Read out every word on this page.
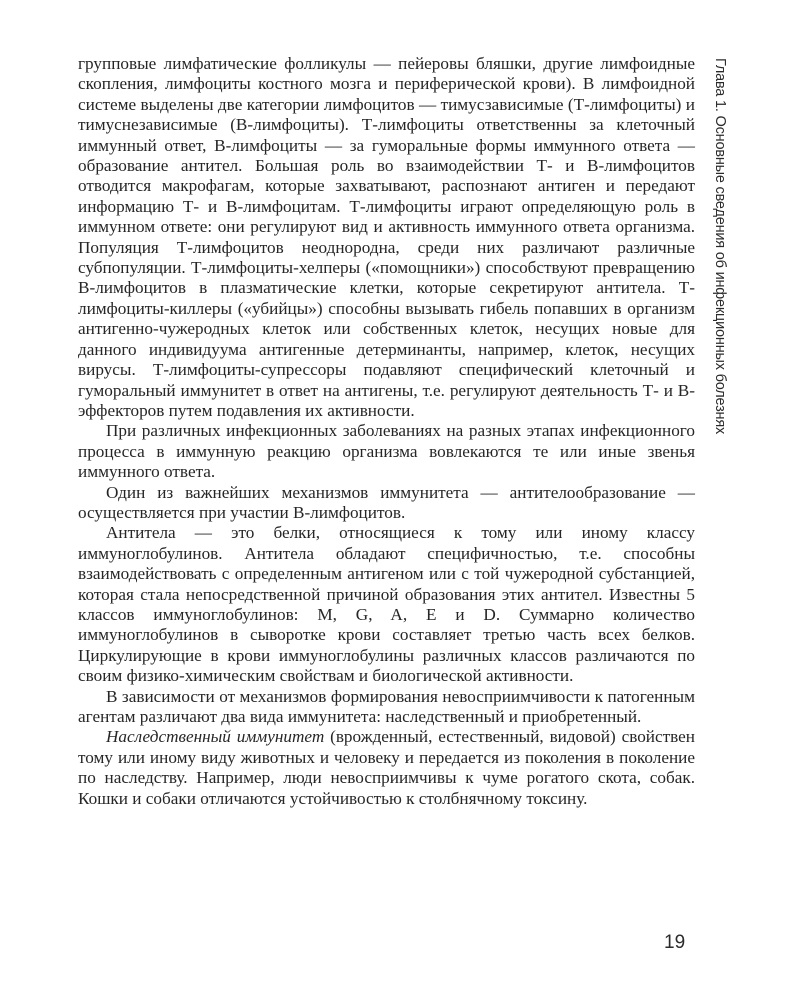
Глава 1. Основные сведения об инфекционных болезнях

групповые лимфатические фолликулы — пейеровы бляшки, другие лимфоидные скопления, лимфоциты костного мозга и периферической крови). В лимфоидной системе выделены две категории лимфоцитов — тимусзависимые (Т-лимфоциты) и тимуснезависимые (В-лимфоциты). Т-лимфоциты ответственны за клеточный иммунный ответ, В-лимфоциты — за гуморальные формы иммунного ответа — образование антител. Большая роль во взаимодействии Т- и В-лимфоцитов отводится макрофагам, которые захватывают, распознают антиген и передают информацию Т- и В-лимфоцитам. Т-лимфоциты играют определяющую роль в иммунном ответе: они регулируют вид и активность иммунного ответа организма. Популяция Т-лимфоцитов неоднородна, среди них различают различные субпопуляции. Т-лимфоциты-хелперы («помощники») способствуют превращению В-лимфоцитов в плазматические клетки, которые секретируют антитела. Т-лимфоциты-киллеры («убийцы») способны вызывать гибель попавших в организм антигенно-чужеродных клеток или собственных клеток, несущих новые для данного индивидуума антигенные детерминанты, например, клеток, несущих вирусы. Т-лимфоциты-супрессоры подавляют специфический клеточный и гуморальный иммунитет в ответ на антигены, т.е. регулируют деятельность Т- и В-эффекторов путем подавления их активности.

При различных инфекционных заболеваниях на разных этапах инфекционного процесса в иммунную реакцию организма вовлекаются те или иные звенья иммунного ответа.

Один из важнейших механизмов иммунитета — антителообразование — осуществляется при участии В-лимфоцитов.

Антитела — это белки, относящиеся к тому или иному классу иммуноглобулинов. Антитела обладают специфичностью, т.е. способны взаимодействовать с определенным антигеном или с той чужеродной субстанцией, которая стала непосредственной причиной образования этих антител. Известны 5 классов иммуноглобулинов: M, G, A, E и D. Суммарно количество иммуноглобулинов в сыворотке крови составляет третью часть всех белков. Циркулирующие в крови иммуноглобулины различных классов различаются по своим физико-химическим свойствам и биологической активности.

В зависимости от механизмов формирования невосприимчивости к патогенным агентам различают два вида иммунитета: наследственный и приобретенный.

Наследственный иммунитет (врожденный, естественный, видовой) свойствен тому или иному виду животных и человеку и передается из поколения в поколение по наследству. Например, люди невосприимчивы к чуме рогатого скота, собак. Кошки и собаки отличаются устойчивостью к столбнячному токсину.

19
